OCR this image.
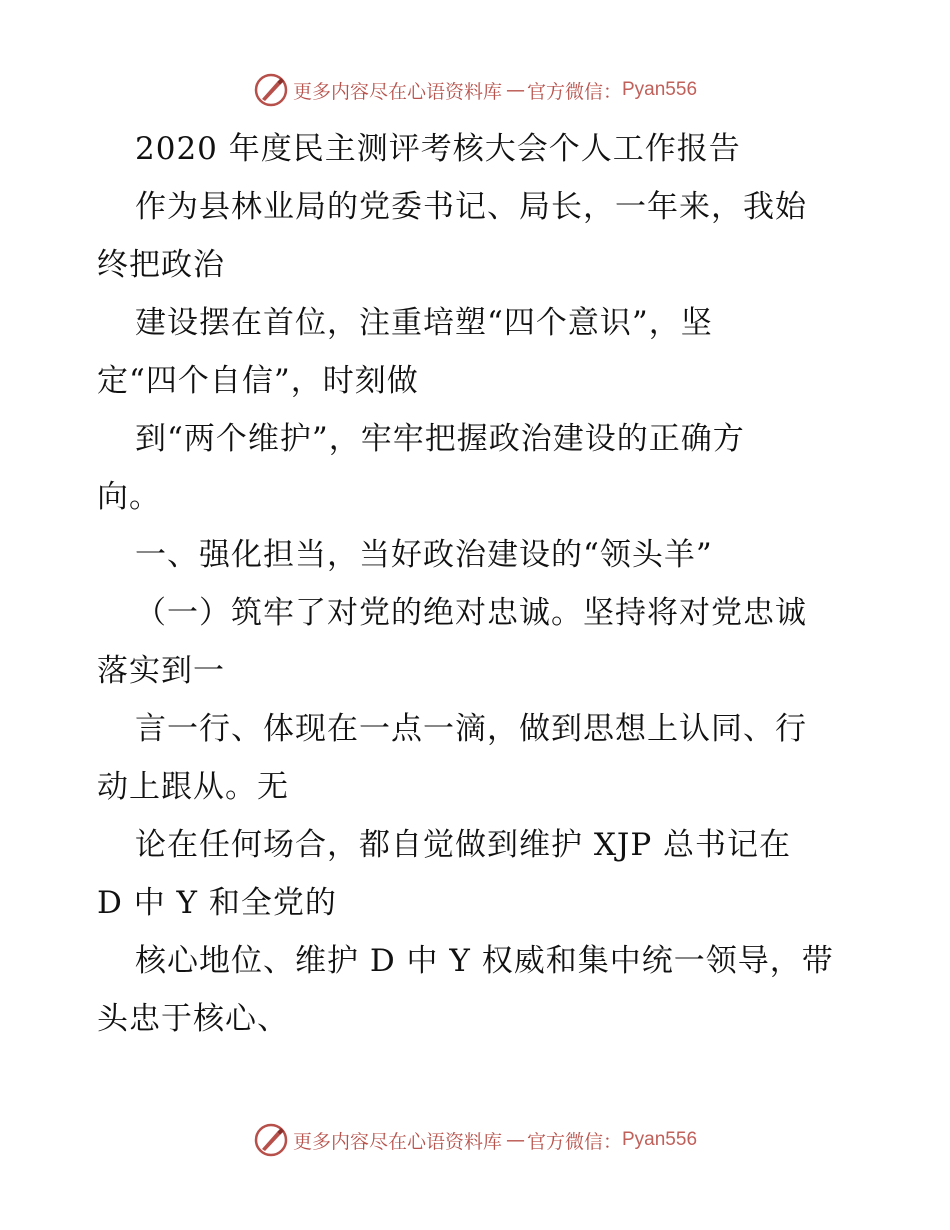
更多内容尽在心语资料库 — 官方微信： Pyan556
2020 年度民主测评考核大会个人工作报告
作为县林业局的党委书记、局长，一年来，我始
终把政治
建设摆在首位，注重培塑“四个意识”，坚
定“四个自信”，时刻做
到“两个维护”，牢牢把握政治建设的正确方
向。
一、强化担当，当好政治建设的“领头羊”
（一）筑牢了对党的绝对忠诚。坚持将对党忠诚
落实到一
言一行、体现在一点一滴，做到思想上认同、行
动上跟从。无
论在任何场合，都自觉做到维护 XJP 总书记在
D 中 Y 和全党的
核心地位、维护 D 中 Y 权威和集中统一领导，带
头忠于核心、
更多内容尽在心语资料库 — 官方微信： Pyan556
